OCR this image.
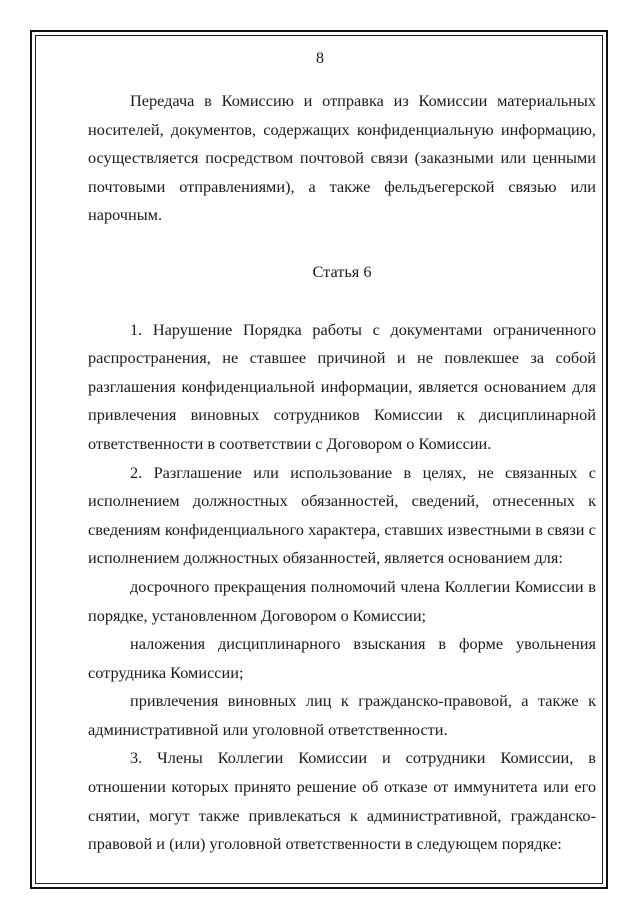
8

Передача в Комиссию и отправка из Комиссии материальных носителей, документов, содержащих конфиденциальную информацию, осуществляется посредством почтовой связи (заказными или ценными почтовыми отправлениями), а также фельдъегерской связью или нарочным.

Статья 6

1. Нарушение Порядка работы с документами ограниченного распространения, не ставшее причиной и не повлекшее за собой разглашения конфиденциальной информации, является основанием для привлечения виновных сотрудников Комиссии к дисциплинарной ответственности в соответствии с Договором о Комиссии.

2. Разглашение или использование в целях, не связанных с исполнением должностных обязанностей, сведений, отнесенных к сведениям конфиденциального характера, ставших известными в связи с исполнением должностных обязанностей, является основанием для:

досрочного прекращения полномочий члена Коллегии Комиссии в порядке, установленном Договором о Комиссии;

наложения дисциплинарного взыскания в форме увольнения сотрудника Комиссии;

привлечения виновных лиц к гражданско-правовой, а также к административной или уголовной ответственности.

3. Члены Коллегии Комиссии и сотрудники Комиссии, в отношении которых принято решение об отказе от иммунитета или его снятии, могут также привлекаться к административной, гражданско-правовой и (или) уголовной ответственности в следующем порядке:
